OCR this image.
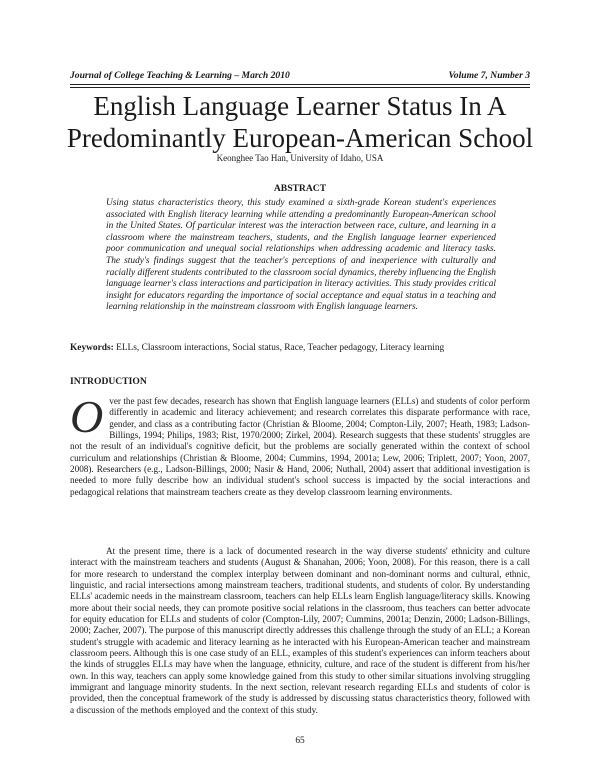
Journal of College Teaching & Learning – March 2010	Volume 7, Number 3
English Language Learner Status In A
Predominantly European-American School
Keonghee Tao Han, University of Idaho, USA
ABSTRACT

Using status characteristics theory, this study examined a sixth-grade Korean student's experiences associated with English literacy learning while attending a predominantly European-American school in the United States. Of particular interest was the interaction between race, culture, and learning in a classroom where the mainstream teachers, students, and the English language learner experienced poor communication and unequal social relationships when addressing academic and literacy tasks. The study's findings suggest that the teacher's perceptions of and inexperience with culturally and racially different students contributed to the classroom social dynamics, thereby influencing the English language learner's class interactions and participation in literacy activities. This study provides critical insight for educators regarding the importance of social acceptance and equal status in a teaching and learning relationship in the mainstream classroom with English language learners.

Keywords: ELLs, Classroom interactions, Social status, Race, Teacher pedagogy, Literacy learning
INTRODUCTION

Over the past few decades, research has shown that English language learners (ELLs) and students of color perform differently in academic and literacy achievement; and research correlates this disparate performance with race, gender, and class as a contributing factor (Christian & Bloome, 2004; Compton-Lily, 2007; Heath, 1983; Ladson-Billings, 1994; Philips, 1983; Rist, 1970/2000; Zirkel, 2004). Research suggests that these students' struggles are not the result of an individual's cognitive deficit, but the problems are socially generated within the context of school curriculum and relationships (Christian & Bloome, 2004; Cummins, 1994, 2001a; Lew, 2006; Triplett, 2007; Yoon, 2007, 2008). Researchers (e.g., Ladson-Billings, 2000; Nasir & Hand, 2006; Nuthall, 2004) assert that additional investigation is needed to more fully describe how an individual student's school success is impacted by the social interactions and pedagogical relations that mainstream teachers create as they develop classroom learning environments.

At the present time, there is a lack of documented research in the way diverse students' ethnicity and culture interact with the mainstream teachers and students (August & Shanahan, 2006; Yoon, 2008). For this reason, there is a call for more research to understand the complex interplay between dominant and non-dominant norms and cultural, ethnic, linguistic, and racial intersections among mainstream teachers, traditional students, and students of color. By understanding ELLs' academic needs in the mainstream classroom, teachers can help ELLs learn English language/literacy skills. Knowing more about their social needs, they can promote positive social relations in the classroom, thus teachers can better advocate for equity education for ELLs and students of color (Compton-Lily, 2007; Cummins, 2001a; Denzin, 2000; Ladson-Billings, 2000; Zacher, 2007). The purpose of this manuscript directly addresses this challenge through the study of an ELL; a Korean student's struggle with academic and literacy learning as he interacted with his European-American teacher and mainstream classroom peers. Although this is one case study of an ELL, examples of this student's experiences can inform teachers about the kinds of struggles ELLs may have when the language, ethnicity, culture, and race of the student is different from his/her own. In this way, teachers can apply some knowledge gained from this study to other similar situations involving struggling immigrant and language minority students. In the next section, relevant research regarding ELLs and students of color is provided, then the conceptual framework of the study is addressed by discussing status characteristics theory, followed with a discussion of the methods employed and the context of this study.

65
